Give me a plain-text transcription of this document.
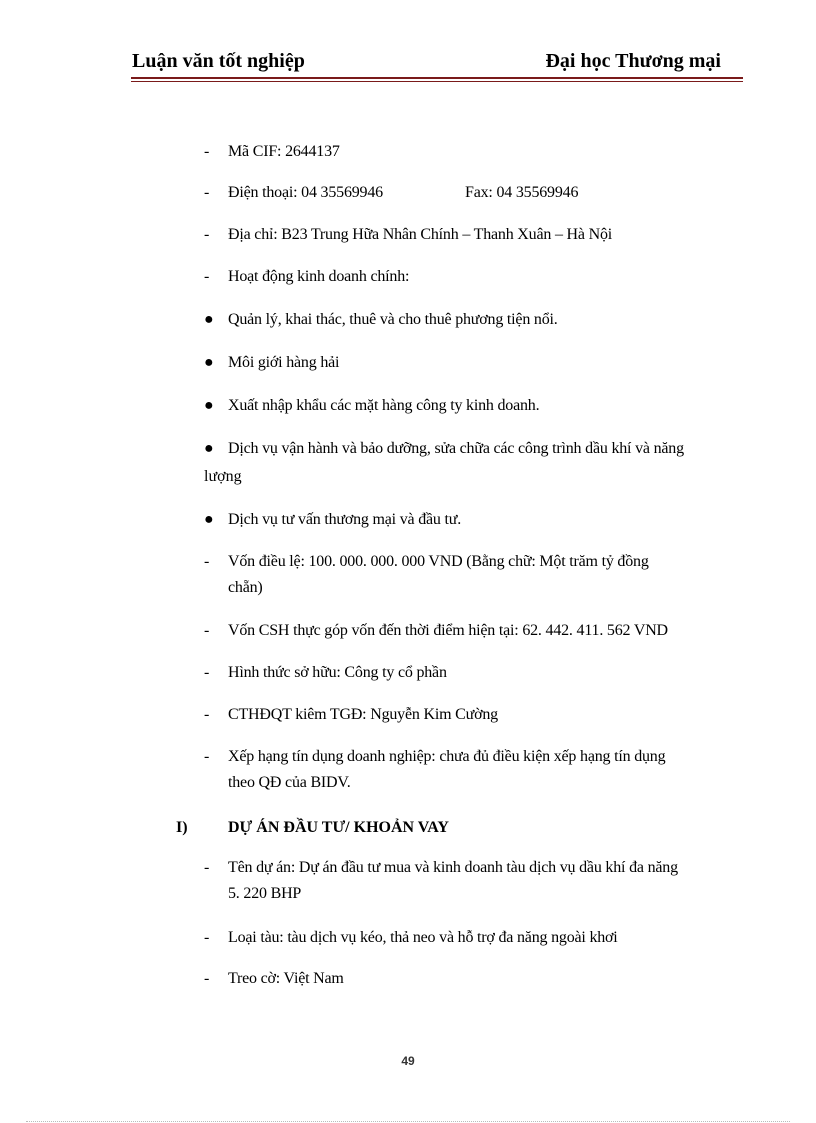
Luận văn tốt nghiệp	Đại học Thương mại
-	Mã CIF: 2644137
-	Điện thoại: 04 35569946	Fax: 04 35569946
-	Địa chỉ: B23 Trung Hữa Nhân Chính – Thanh Xuân – Hà Nội
-	Hoạt động kinh doanh chính:
● Quản lý, khai thác, thuê và cho thuê phương tiện nổi.
● Môi giới hàng hải
● Xuất nhập khẩu các mặt hàng công ty kinh doanh.
● Dịch vụ vận hành và bảo dưỡng, sửa chữa các công trình dầu khí và năng
lượng
● Dịch vụ tư vấn thương mại và đầu tư.
-	Vốn điều lệ: 100. 000. 000. 000 VND (Bằng chữ: Một trăm tỷ đồng
chẵn)
-	Vốn CSH thực góp vốn đến thời điểm hiện tại: 62. 442. 411. 562 VND
-	Hình thức sở hữu: Công ty cổ phần
-	CTHĐQT kiêm TGĐ: Nguyễn Kim Cường
-	Xếp hạng tín dụng doanh nghiệp: chưa đủ điều kiện xếp hạng tín dụng
theo QĐ của BIDV.
I)	DỰ ÁN ĐẦU TƯ/ KHOẢN VAY
-	Tên dự án: Dự án đầu tư mua và kinh doanh tàu dịch vụ dầu khí đa năng
5. 220 BHP
-	Loại tàu: tàu dịch vụ kéo, thả neo và hỗ trợ đa năng ngoài khơi
-	Treo cờ: Việt Nam
49
